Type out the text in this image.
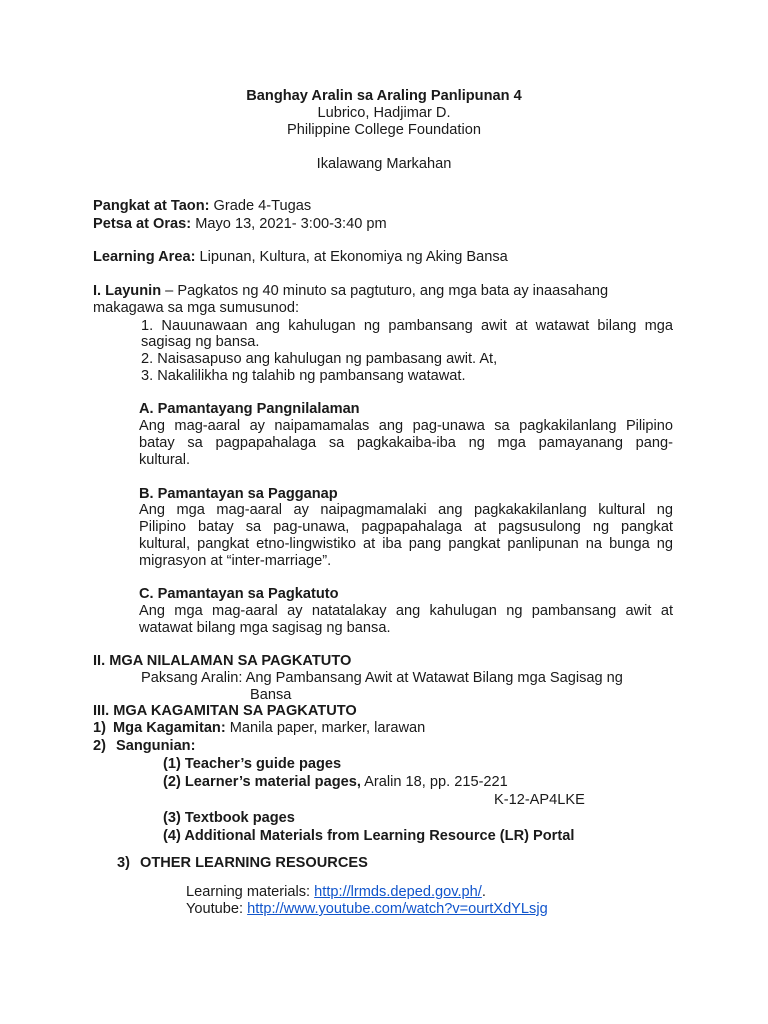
Banghay Aralin sa Araling Panlipunan 4
Lubrico, Hadjimar D.
Philippine College Foundation
Ikalawang Markahan
Pangkat at Taon: Grade 4-Tugas
Petsa at Oras: Mayo 13, 2021- 3:00-3:40 pm
Learning Area: Lipunan, Kultura, at Ekonomiya ng Aking Bansa
I. Layunin – Pagkatos ng 40 minuto sa pagtuturo, ang mga bata ay inaasahang
makagawa sa mga sumusunod:
1. Nauunawaan ang kahulugan ng pambansang awit at watawat bilang mga
sagisag ng bansa.
2. Naisasapuso ang kahulugan ng pambasang awit. At,
3. Nakalilikha ng talahib ng pambansang watawat.
A. Pamantayang Pangnilalaman
Ang mag-aaral ay naipamamalas ang pag-unawa sa pagkakilanlang Pilipino
batay sa pagpapahalaga sa pagkakaiba-iba ng mga pamayanang pang-
kultural.
B. Pamantayan sa Pagganap
Ang mga mag-aaral ay naipagmamalaki ang pagkakakilanlang kultural ng
Pilipino batay sa pag-unawa, pagpapahalaga at pagsusulong ng pangkat
kultural, pangkat etno-lingwistiko at iba pang pangkat panlipunan na bunga ng
migrasyon at “inter-marriage”.
C. Pamantayan sa Pagkatuto
Ang mga mag-aaral ay natatalakay ang kahulugan ng pambansang awit at
watawat bilang mga sagisag ng bansa.
II. MGA NILALAMAN SA PAGKATUTO
Paksang Aralin: Ang Pambansang Awit at Watawat Bilang mga Sagisag ng
Bansa
III. MGA KAGAMITAN SA PAGKATUTO
1) Mga Kagamitan: Manila paper, marker, larawan
2) Sangunian:
(1) Teacher’s guide pages
(2) Learner’s material pages, Aralin 18, pp. 215-221
K-12-AP4LKE
(3) Textbook pages
(4) Additional Materials from Learning Resource (LR) Portal
3) OTHER LEARNING RESOURCES
Learning materials: http://lrmds.deped.gov.ph/.
Youtube: http://www.youtube.com/watch?v=ourtXdYLsjg
